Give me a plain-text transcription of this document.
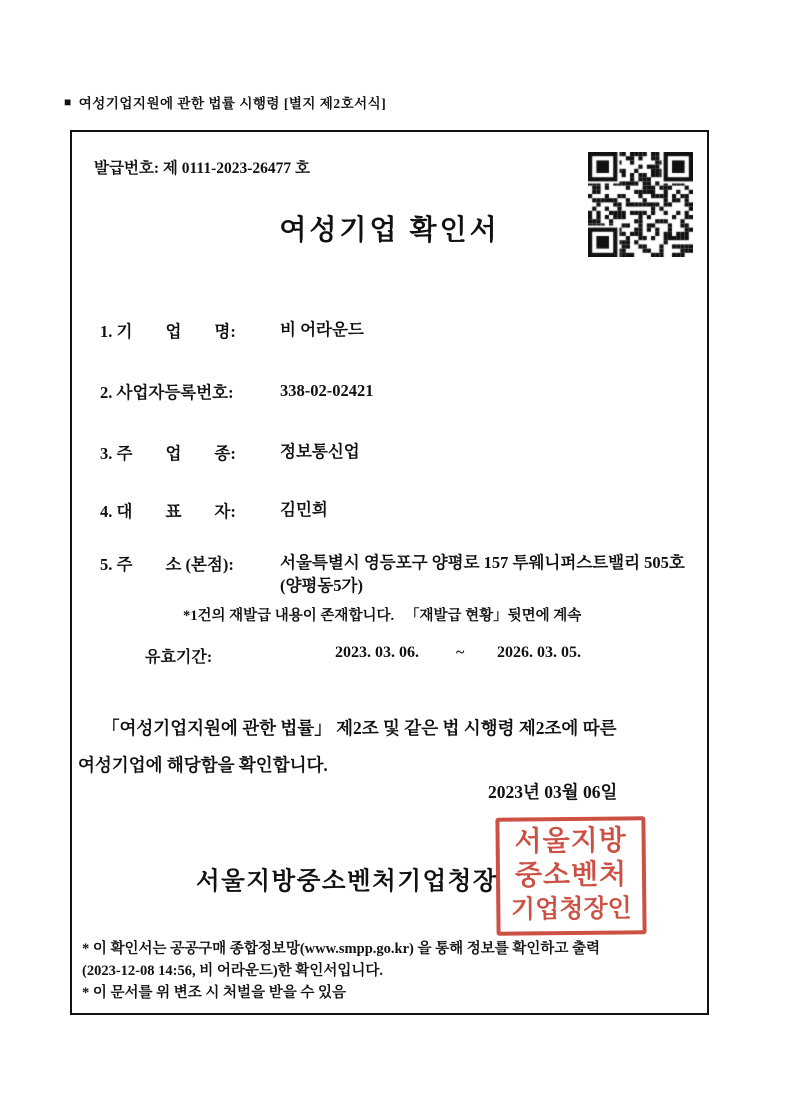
■ 여성기업지원에 관한 법률 시행령 [별지 제2호서식]
발급번호: 제 0111-2023-26477 호
여성기업 확인서

1. 기　　업　　명:

	비 어라운드

2. 사업자등록번호:

	338-02-02421

3. 주　　업　　종:

	정보통신업

4. 대　　표　　자:

	김민희

5. 주　　소 (본점):

	서울특별시 영등포구 양평로 157 투웨니퍼스트밸리 505호 (양평동5가)

*1건의 재발급 내용이 존재합니다.   「재발급 현황」뒷면에 계속
유효기간:	2023. 03. 06. ~ 2026. 03. 05.
「여성기업지원에 관한 법률」 제2조 및 같은 법 시행령 제2조에 따른
여성기업에 해당함을 확인합니다.
2023년 03월 06일
서울지방중소벤처기업청장
서울지방
중소벤처
기업청장인
* 이 확인서는 공공구매 종합정보망(www.smpp.go.kr) 을 통해 정보를 확인하고 출력
(2023-12-08 14:56, 비 어라운드)한 확인서입니다.
* 이 문서를 위 변조 시 처벌을 받을 수 있음
